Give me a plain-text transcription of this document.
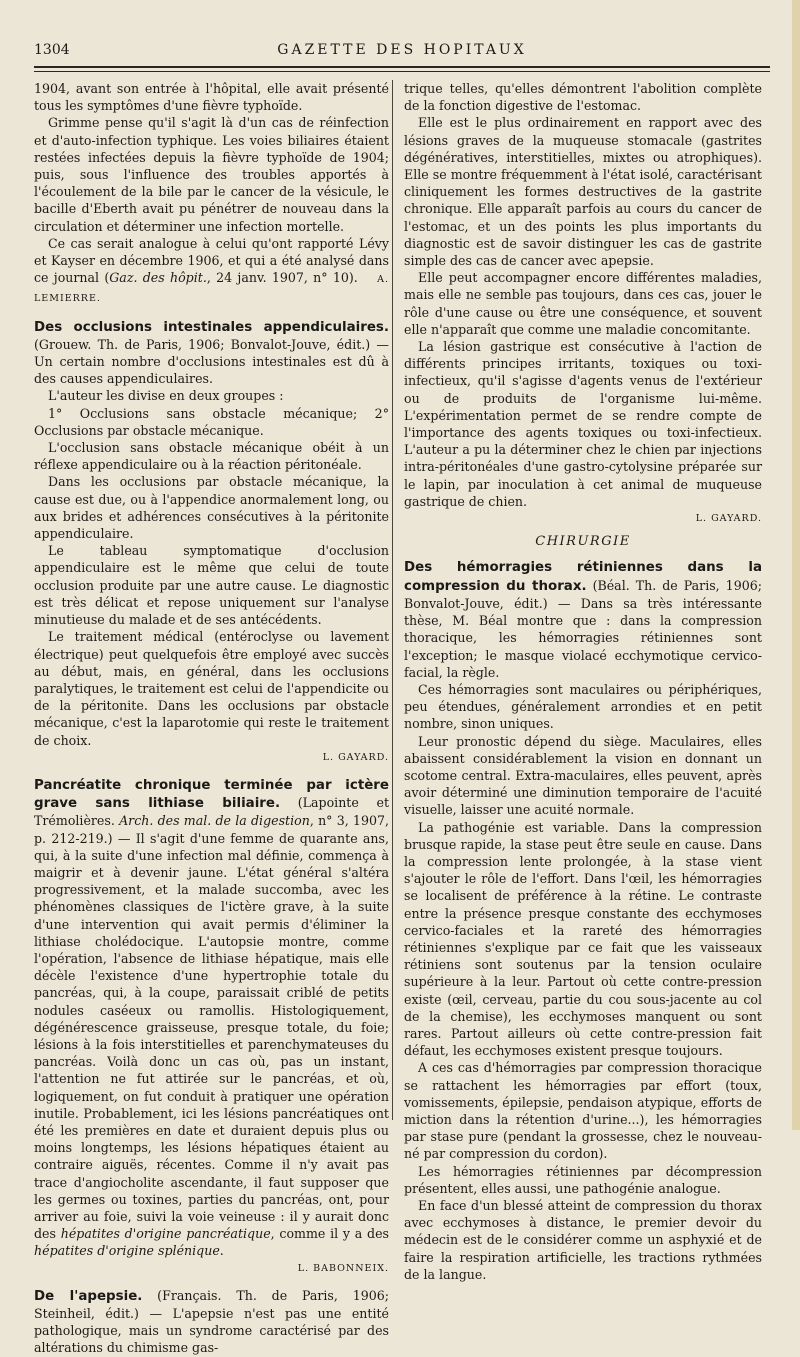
1304	GAZETTE DES HOPITAUX

1904, avant son entrée à l'hôpital, elle avait présenté tous les symptômes d'une fièvre typhoïde.

Grimme pense qu'il s'agit là d'un cas de réinfection et d'auto-infection typhique. Les voies biliaires étaient restées infectées depuis la fièvre typhoïde de 1904; puis, sous l'influence des troubles apportés à l'écoulement de la bile par le cancer de la vésicule, le bacille d'Eberth avait pu pénétrer de nouveau dans la circulation et déterminer une infection mortelle.

Ce cas serait analogue à celui qu'ont rapporté Lévy et Kayser en décembre 1906, et qui a été analysé dans ce journal (Gaz. des hôpit., 24 janv. 1907, n° 10). A. LEMIERRE.

Des occlusions intestinales appendiculaires. (Grouew. Th. de Paris, 1906; Bonvalot-Jouve, édit.) — Un certain nombre d'occlusions intestinales est dû à des causes appendiculaires.

L'auteur les divise en deux groupes :

1° Occlusions sans obstacle mécanique; 2° Occlusions par obstacle mécanique.

L'occlusion sans obstacle mécanique obéit à un réflexe appendiculaire ou à la réaction péritonéale.

Dans les occlusions par obstacle mécanique, la cause est due, ou à l'appendice anormalement long, ou aux brides et adhérences consécutives à la péritonite appendiculaire.

Le tableau symptomatique d'occlusion appendiculaire est le même que celui de toute occlusion produite par une autre cause. Le diagnostic est très délicat et repose uniquement sur l'analyse minutieuse du malade et de ses antécédents.

Le traitement médical (entéroclyse ou lavement électrique) peut quelquefois être employé avec succès au début, mais, en général, dans les occlusions paralytiques, le traitement est celui de l'appendicite ou de la péritonite. Dans les occlusions par obstacle mécanique, c'est la laparotomie qui reste le traitement de choix.

L. GAYARD.

Pancréatite chronique terminée par ictère grave sans lithiase biliaire. (Lapointe et Trémolières. Arch. des mal. de la digestion, n° 3, 1907, p. 212-219.) — Il s'agit d'une femme de quarante ans, qui, à la suite d'une infection mal définie, commença à maigrir et à devenir jaune. L'état général s'altéra progressivement, et la malade succomba, avec les phénomènes classiques de l'ictère grave, à la suite d'une intervention qui avait permis d'éliminer la lithiase cholédocique. L'autopsie montre, comme l'opération, l'absence de lithiase hépatique, mais elle décèle l'existence d'une hypertrophie totale du pancréas, qui, à la coupe, paraissait criblé de petits nodules caséeux ou ramollis. Histologiquement, dégénérescence graisseuse, presque totale, du foie; lésions à la fois interstitielles et parenchymateuses du pancréas. Voilà donc un cas où, pas un instant, l'attention ne fut attirée sur le pancréas, et où, logiquement, on fut conduit à pratiquer une opération inutile. Probablement, ici les lésions pancréatiques ont été les premières en date et duraient depuis plus ou moins longtemps, les lésions hépatiques étaient au contraire aiguës, récentes. Comme il n'y avait pas trace d'angiocholite ascendante, il faut supposer que les germes ou toxines, parties du pancréas, ont, pour arriver au foie, suivi la voie veineuse : il y aurait donc des hépatites d'origine pancréatique, comme il y a des hépatites d'origine splénique.

L. BABONNEIX.

De l'apepsie. (Français. Th. de Paris, 1906; Steinheil, édit.) — L'apepsie n'est pas une entité pathologique, mais un syndrome caractérisé par des altérations du chimisme gas-

trique telles, qu'elles démontrent l'abolition complète de la fonction digestive de l'estomac.

Elle est le plus ordinairement en rapport avec des lésions graves de la muqueuse stomacale (gastrites dégénératives, interstitielles, mixtes ou atrophiques). Elle se montre fréquemment à l'état isolé, caractérisant cliniquement les formes destructives de la gastrite chronique. Elle apparaît parfois au cours du cancer de l'estomac, et un des points les plus importants du diagnostic est de savoir distinguer les cas de gastrite simple des cas de cancer avec apepsie.

Elle peut accompagner encore différentes maladies, mais elle ne semble pas toujours, dans ces cas, jouer le rôle d'une cause ou être une conséquence, et souvent elle n'apparaît que comme une maladie concomitante.

La lésion gastrique est consécutive à l'action de différents principes irritants, toxiques ou toxi-infectieux, qu'il s'agisse d'agents venus de l'extérieur ou de produits de l'organisme lui-même. L'expérimentation permet de se rendre compte de l'importance des agents toxiques ou toxi-infectieux. L'auteur a pu la déterminer chez le chien par injections intra-péritonéales d'une gastro-cytolysine préparée sur le lapin, par inoculation à cet animal de muqueuse gastrique de chien.

L. GAYARD.

CHIRURGIE

Des hémorragies rétiniennes dans la compression du thorax. (Béal. Th. de Paris, 1906; Bonvalot-Jouve, édit.) — Dans sa très intéressante thèse, M. Béal montre que : dans la compression thoracique, les hémorragies rétiniennes sont l'exception; le masque violacé ecchymotique cervico-facial, la règle.

Ces hémorragies sont maculaires ou périphériques, peu étendues, généralement arrondies et en petit nombre, sinon uniques.

Leur pronostic dépend du siège. Maculaires, elles abaissent considérablement la vision en donnant un scotome central. Extra-maculaires, elles peuvent, après avoir déterminé une diminution temporaire de l'acuité visuelle, laisser une acuité normale.

La pathogénie est variable. Dans la compression brusque rapide, la stase peut être seule en cause. Dans la compression lente prolongée, à la stase vient s'ajouter le rôle de l'effort. Dans l'œil, les hémorragies se localisent de préférence à la rétine. Le contraste entre la présence presque constante des ecchymoses cervico-faciales et la rareté des hémorragies rétiniennes s'explique par ce fait que les vaisseaux rétiniens sont soutenus par la tension oculaire supérieure à la leur. Partout où cette contre-pression existe (œil, cerveau, partie du cou sous-jacente au col de la chemise), les ecchymoses manquent ou sont rares. Partout ailleurs où cette contre-pression fait défaut, les ecchymoses existent presque toujours.

A ces cas d'hémorragies par compression thoracique se rattachent les hémorragies par effort (toux, vomissements, épilepsie, pendaison atypique, efforts de miction dans la rétention d'urine...), les hémorragies par stase pure (pendant la grossesse, chez le nouveau-né par compression du cordon).

Les hémorragies rétiniennes par décompression présentent, elles aussi, une pathogénie analogue.

En face d'un blessé atteint de compression du thorax avec ecchymoses à distance, le premier devoir du médecin est de le considérer comme un asphyxié et de faire la respiration artificielle, les tractions rythmées de la langue.
